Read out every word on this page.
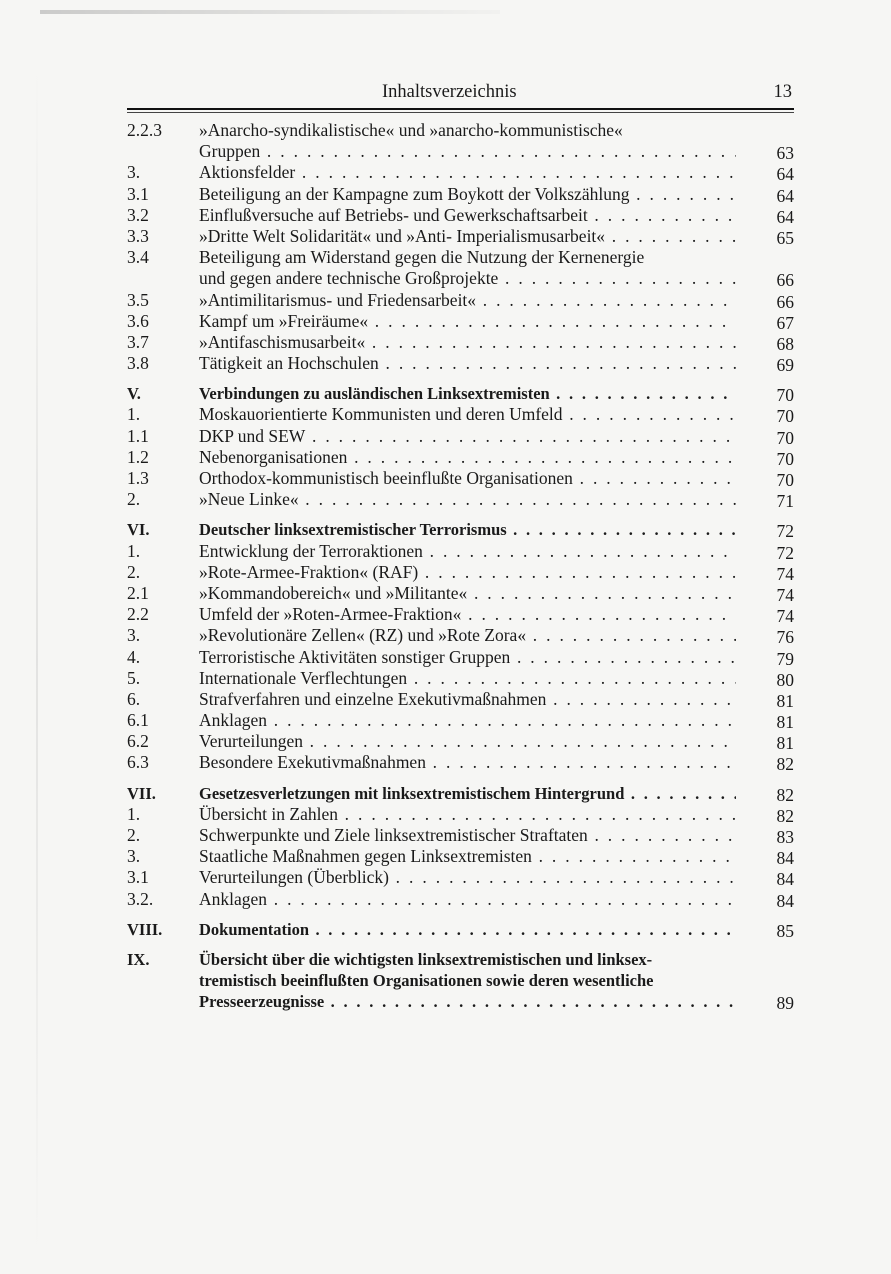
Inhaltsverzeichnis	13
2.2.3 »Anarcho-syndikalistische« und »anarcho-kommunistische«
Gruppen . . .	63
3.	Aktionsfelder . . .	64
3.1	Beteiligung an der Kampagne zum Boykott der Volkszählung . . .	64
3.2	Einflußversuche auf Betriebs- und Gewerkschaftsarbeit . . .	64
3.3	»Dritte Welt Solidarität« und »Anti- Imperialismusarbeit« . . .	65
3.4	Beteiligung am Widerstand gegen die Nutzung der Kernenergie
und gegen andere technische Großprojekte . . .	66
3.5	»Antimilitarismus- und Friedensarbeit« . . .	66
3.6	Kampf um »Freiräume« . . .	67
3.7	»Antifaschismusarbeit« . . .	68
3.8	Tätigkeit an Hochschulen . . .	69
V.	Verbindungen zu ausländischen Linksextremisten . . .	70
1.	Moskauorientierte Kommunisten und deren Umfeld . . .	70
1.1	DKP und SEW . . .	70
1.2	Nebenorganisationen . . .	70
1.3	Orthodox-kommunistisch beeinflußte Organisationen . . .	70
2.	»Neue Linke« . . .	71
VI.	Deutscher linksextremistischer Terrorismus . . .	72
1.	Entwicklung der Terroraktionen . . .	72
2.	»Rote-Armee-Fraktion« (RAF) . . .	74
2.1	»Kommandobereich« und »Militante« . . .	74
2.2	Umfeld der »Roten-Armee-Fraktion« . . .	74
3.	»Revolutionäre Zellen« (RZ) und »Rote Zora« . . .	76
4.	Terroristische Aktivitäten sonstiger Gruppen . . .	79
5.	Internationale Verflechtungen . . .	80
6.	Strafverfahren und einzelne Exekutivmaßnahmen . . .	81
6.1	Anklagen . . .	81
6.2	Verurteilungen . . .	81
6.3	Besondere Exekutivmaßnahmen . . .	82
VII.	Gesetzesverletzungen mit linksextremistischem Hintergrund . . .	82
1.	Übersicht in Zahlen . . .	82
2.	Schwerpunkte und Ziele linksextremistischer Straftaten . . .	83
3.	Staatliche Maßnahmen gegen Linksextremisten . . .	84
3.1	Verurteilungen (Überblick) . . .	84
3.2.	Anklagen . . .	84
VIII. Dokumentation . . .	85
IX.	Übersicht über die wichtigsten linksextremistischen und linksex-
tremistisch beeinflußten Organisationen sowie deren wesentliche
Presseerzeugnisse . . .	89
